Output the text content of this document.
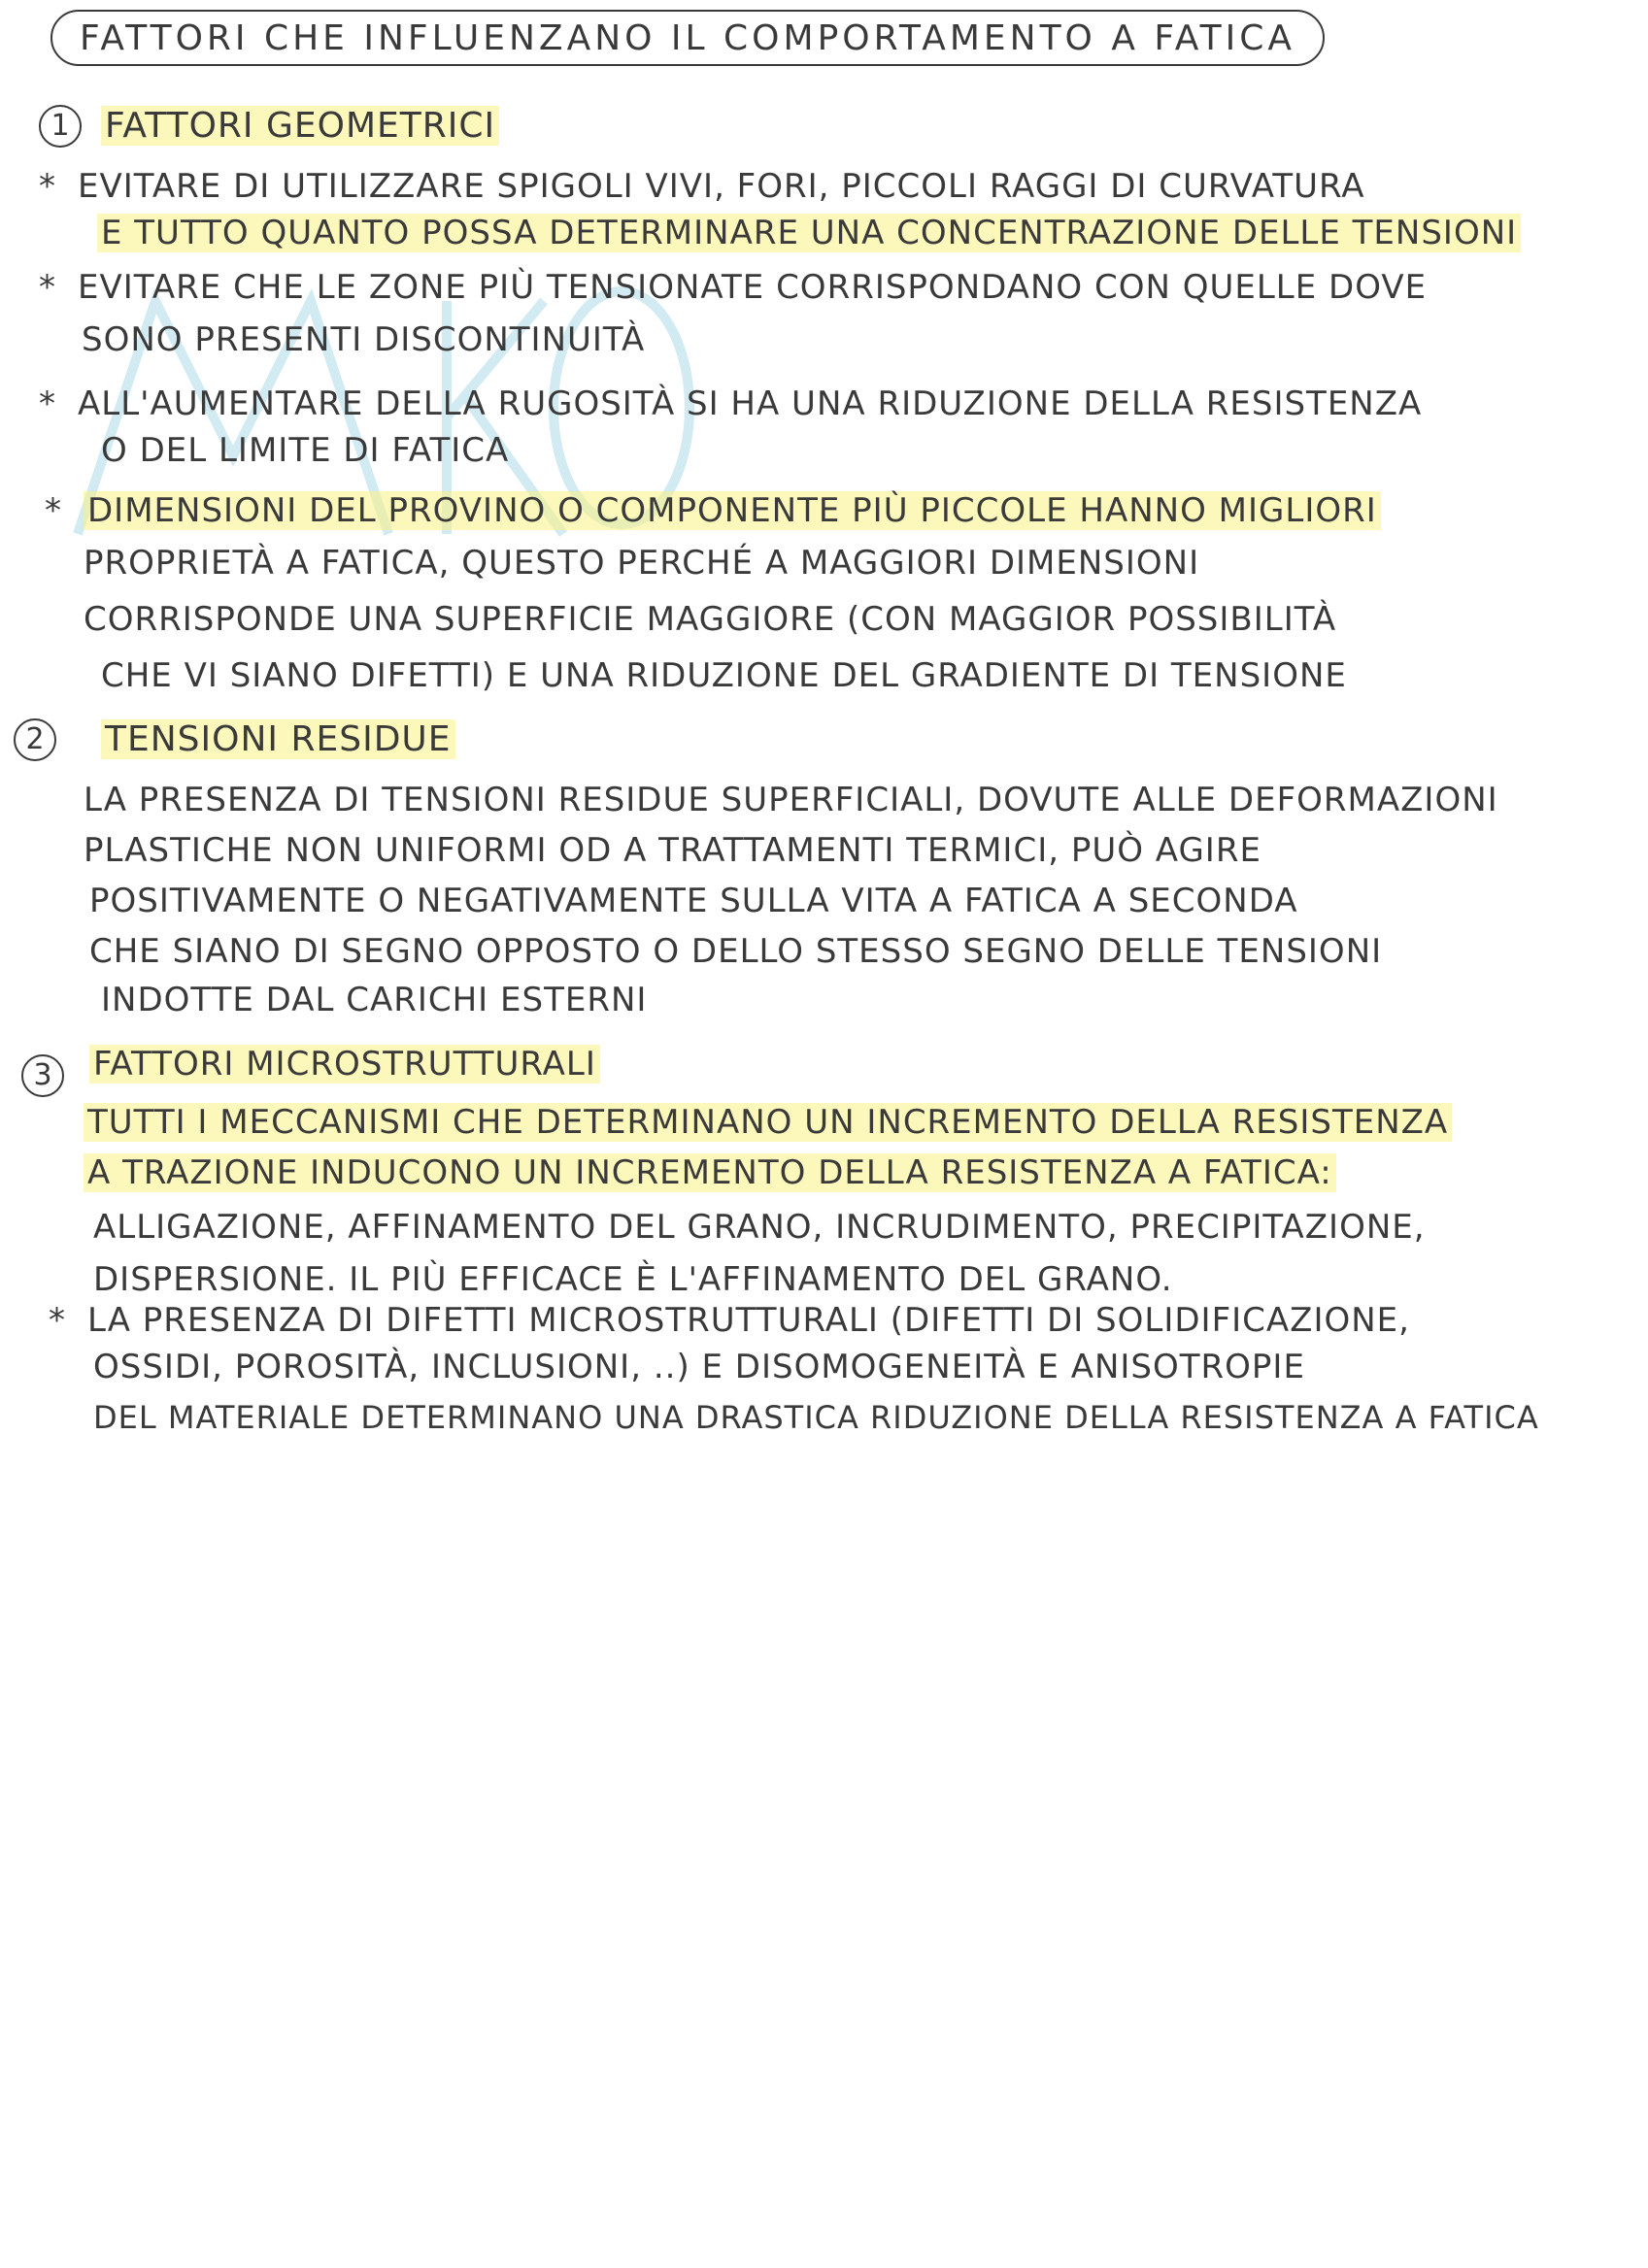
FATTORI CHE INFLUENZANO IL COMPORTAMENTO A FATICA
1	FATTORI GEOMETRICI
* EVITARE DI UTILIZZARE SPIGOLI VIVI, FORI, PICCOLI RAGGI DI CURVATURA
E TUTTO QUANTO POSSA DETERMINARE UNA CONCENTRAZIONE DELLE TENSIONI
* EVITARE CHE LE ZONE PIÙ TENSIONATE CORRISPONDANO CON QUELLE DOVE
SONO PRESENTI DISCONTINUITÀ
* ALL'AUMENTARE DELLA RUGOSITÀ SI HA UNA RIDUZIONE DELLA RESISTENZA
O DEL LIMITE DI FATICA
* DIMENSIONI DEL PROVINO O COMPONENTE PIÙ PICCOLE HANNO MIGLIORI
PROPRIETÀ A FATICA, QUESTO PERCHÉ A MAGGIORI DIMENSIONI
CORRISPONDE UNA SUPERFICIE MAGGIORE (CON MAGGIOR POSSIBILITÀ
CHE VI SIANO DIFETTI) E UNA RIDUZIONE DEL GRADIENTE DI TENSIONE
2	TENSIONI RESIDUE
LA PRESENZA DI TENSIONI RESIDUE SUPERFICIALI, DOVUTE ALLE DEFORMAZIONI
PLASTICHE NON UNIFORMI OD A TRATTAMENTI TERMICI, PUÒ AGIRE
POSITIVAMENTE O NEGATIVAMENTE SULLA VITA A FATICA A SECONDA
CHE SIANO DI SEGNO OPPOSTO O DELLO STESSO SEGNO DELLE TENSIONI
INDOTTE DAL CARICHI ESTERNI
3	FATTORI MICROSTRUTTURALI
TUTTI I MECCANISMI CHE DETERMINANO UN INCREMENTO DELLA RESISTENZA
A TRAZIONE INDUCONO UN INCREMENTO DELLA RESISTENZA A FATICA:
ALLIGAZIONE, AFFINAMENTO DEL GRANO, INCRUDIMENTO, PRECIPITAZIONE,
DISPERSIONE. IL PIÙ EFFICACE È L'AFFINAMENTO DEL GRANO.
* LA PRESENZA DI DIFETTI MICROSTRUTTURALI (DIFETTI DI SOLIDIFICAZIONE,
OSSIDI, POROSITÀ, INCLUSIONI, ..) E DISOMOGENEITÀ E ANISOTROPIE
DEL MATERIALE DETERMINANO UNA DRASTICA RIDUZIONE DELLA RESISTENZA A FATICA
